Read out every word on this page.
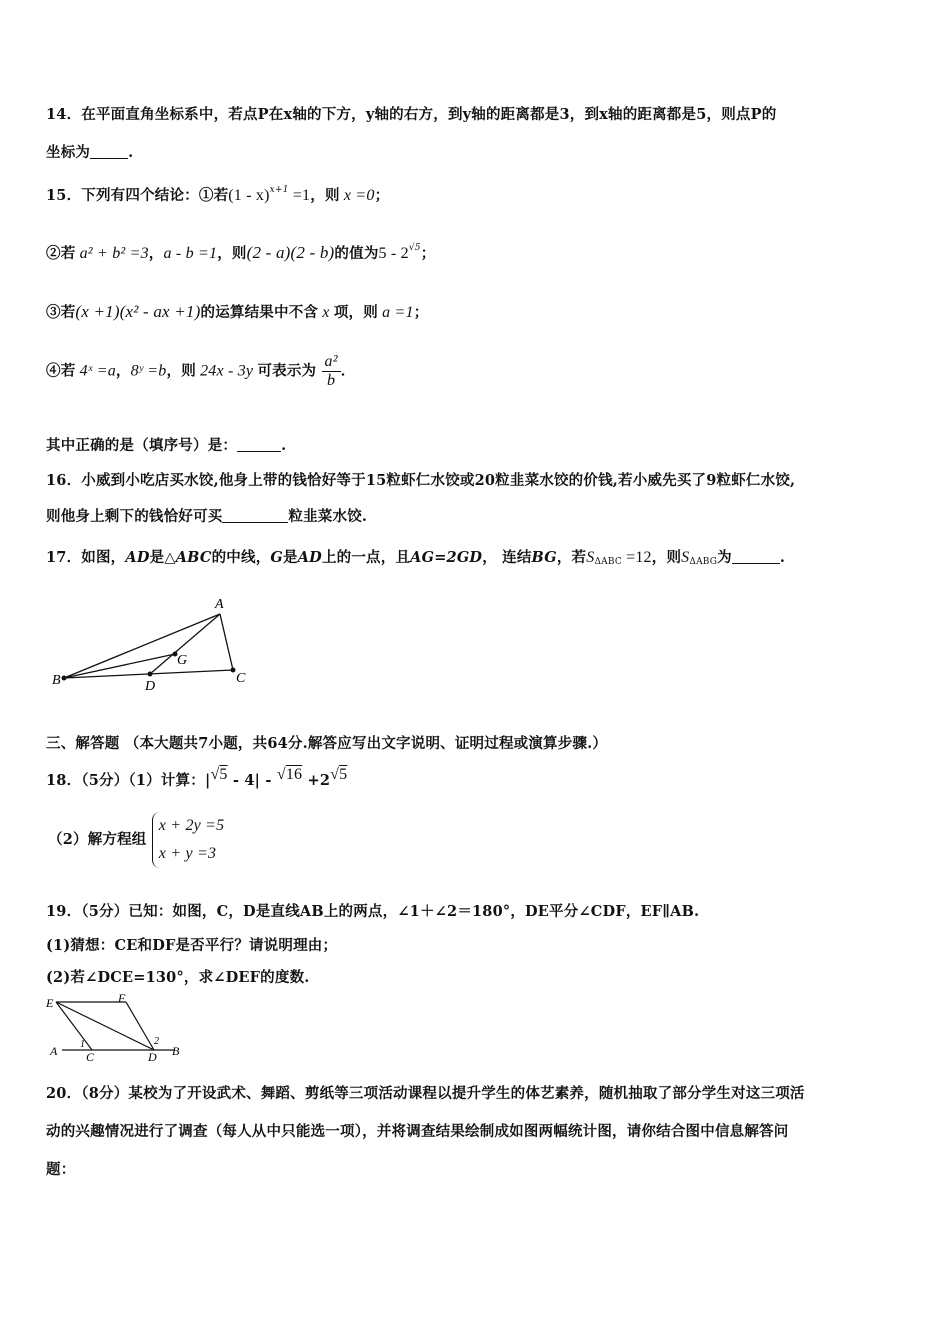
14．在平面直角坐标系中，若点P在x轴的下方，y轴的右方，到y轴的距离都是3，到x轴的距离都是5，则点P的
坐标为	.
15．下列有四个结论：①若(1 - x)$^{x+1}$ =1，则 x =0；
②若 a² + b² =3，a - b =1，则(2 - a)(2 - b)的值为$5 - 2^{√5}$；
③若(x +1)(x² - ax +1)的运算结果中不含 x 项，则 a =1；
④若 4ˣ =a，8ʸ =b，则 24x - 3y 可表示为 $\frac{\text{a²}}{b}$ ．
其中正确的是（填序号）是：	.
16．小威到小吃店买水饺,他身上带的钱恰好等于15粒虾仁水饺或20粒韭菜水饺的价钱,若小威先买了9粒虾仁水饺,
则他身上剩下的钱恰好可买	粒韭菜水饺.
17．如图，AD是△ABC的中线，G是AD上的一点，且AG=2GD， 连结BG，若$S_{\Delta ABC} =12$，则$S_{\Delta ABG}$为	.
A
B	C
D
G
三、解答题 （本大题共7小题，共64分.解答应写出文字说明、证明过程或演算步骤.）
18．（5分）（1）计算：|√5 - 4| - √16 +2√5
（2）解方程组
x + 2y =5
x + y =3
19．（5分）已知：如图，C，D是直线AB上的两点，∠1＋∠2＝180°，DE平分∠CDF，EF∥AB.
(1)猜想：CE和DF是否平行？请说明理由；
(2)若∠DCE=130°，求∠DEF的度数.
E	F
A C	D B
1	2
20．（8分）某校为了开设武术、舞蹈、剪纸等三项活动课程以提升学生的体艺素养，随机抽取了部分学生对这三项活
动的兴趣情况进行了调查（每人从中只能选一项），并将调查结果绘制成如图两幅统计图，请你结合图中信息解答问
题：
